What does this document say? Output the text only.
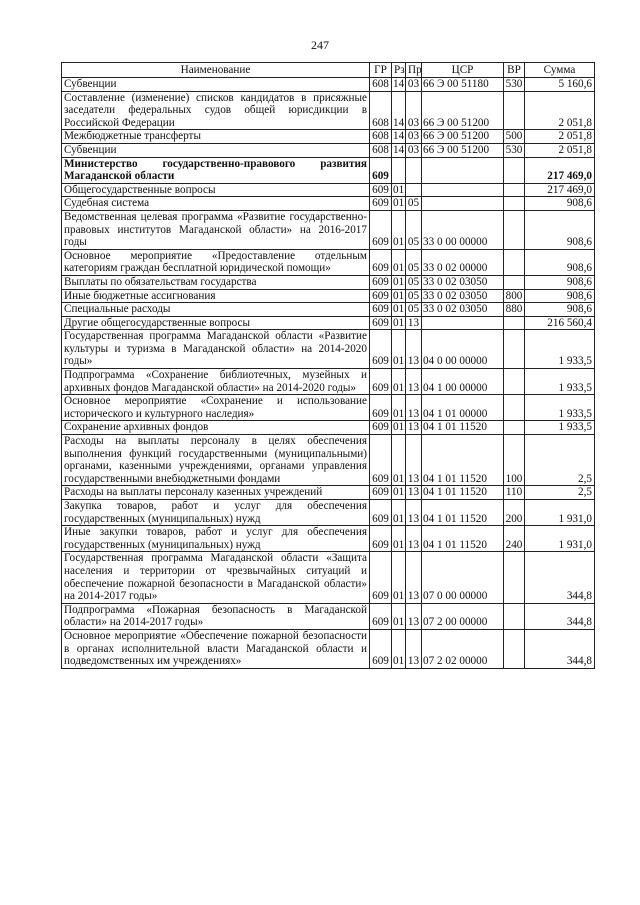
247
Наименование	ГР	Рз	Пр	ЦСР	ВР	Сумма
Субвенции	608	14	03	66 Э 00 51180	530	5 160,6
Составление (изменение) списков кандидатов в присяжные заседатели федеральных судов общей юрисдикции в Российской Федерации	608	14	03	66 Э 00 51200		2 051,8
Межбюджетные трансферты	608	14	03	66 Э 00 51200	500	2 051,8
Субвенции	608	14	03	66 Э 00 51200	530	2 051,8
Министерство государственно-правового развития Магаданской области	609					217 469,0
Общегосударственные вопросы	609	01				217 469,0
Судебная система	609	01	05			908,6
Ведомственная целевая программа «Развитие государственно-правовых институтов Магаданской области» на 2016-2017 годы	609	01	05	33 0 00 00000		908,6
Основное мероприятие «Предоставление отдельным категориям граждан бесплатной юридической помощи»	609	01	05	33 0 02 00000		908,6
Выплаты по обязательствам государства	609	01	05	33 0 02 03050		908,6
Иные бюджетные ассигнования	609	01	05	33 0 02 03050	800	908,6
Специальные расходы	609	01	05	33 0 02 03050	880	908,6
Другие общегосударственные вопросы	609	01	13			216 560,4
Государственная программа Магаданской области «Развитие культуры и туризма в Магаданской области» на 2014-2020 годы»	609	01	13	04 0 00 00000		1 933,5
Подпрограмма «Сохранение библиотечных, музейных и архивных фондов Магаданской области» на 2014-2020 годы»	609	01	13	04 1 00 00000		1 933,5
Основное мероприятие «Сохранение и использование исторического и культурного наследия»	609	01	13	04 1 01 00000		1 933,5
Сохранение архивных фондов	609	01	13	04 1 01 11520		1 933,5
Расходы на выплаты персоналу в целях обеспечения выполнения функций государственными (муниципальными) органами, казенными учреждениями, органами управления государственными внебюджетными фондами	609	01	13	04 1 01 11520	100	2,5
Расходы на выплаты персоналу казенных учреждений	609	01	13	04 1 01 11520	110	2,5
Закупка товаров, работ и услуг для обеспечения государственных (муниципальных) нужд	609	01	13	04 1 01 11520	200	1 931,0
Иные закупки товаров, работ и услуг для обеспечения государственных (муниципальных) нужд	609	01	13	04 1 01 11520	240	1 931,0
Государственная программа Магаданской области «Защита населения и территории от чрезвычайных ситуаций и обеспечение пожарной безопасности в Магаданской области» на 2014-2017 годы»	609	01	13	07 0 00 00000		344,8
Подпрограмма «Пожарная безопасность в Магаданской области» на 2014-2017 годы»	609	01	13	07 2 00 00000		344,8
Основное мероприятие «Обеспечение пожарной безопасности в органах исполнительной власти Магаданской области и подведомственных им учреждениях»	609	01	13	07 2 02 00000		344,8
